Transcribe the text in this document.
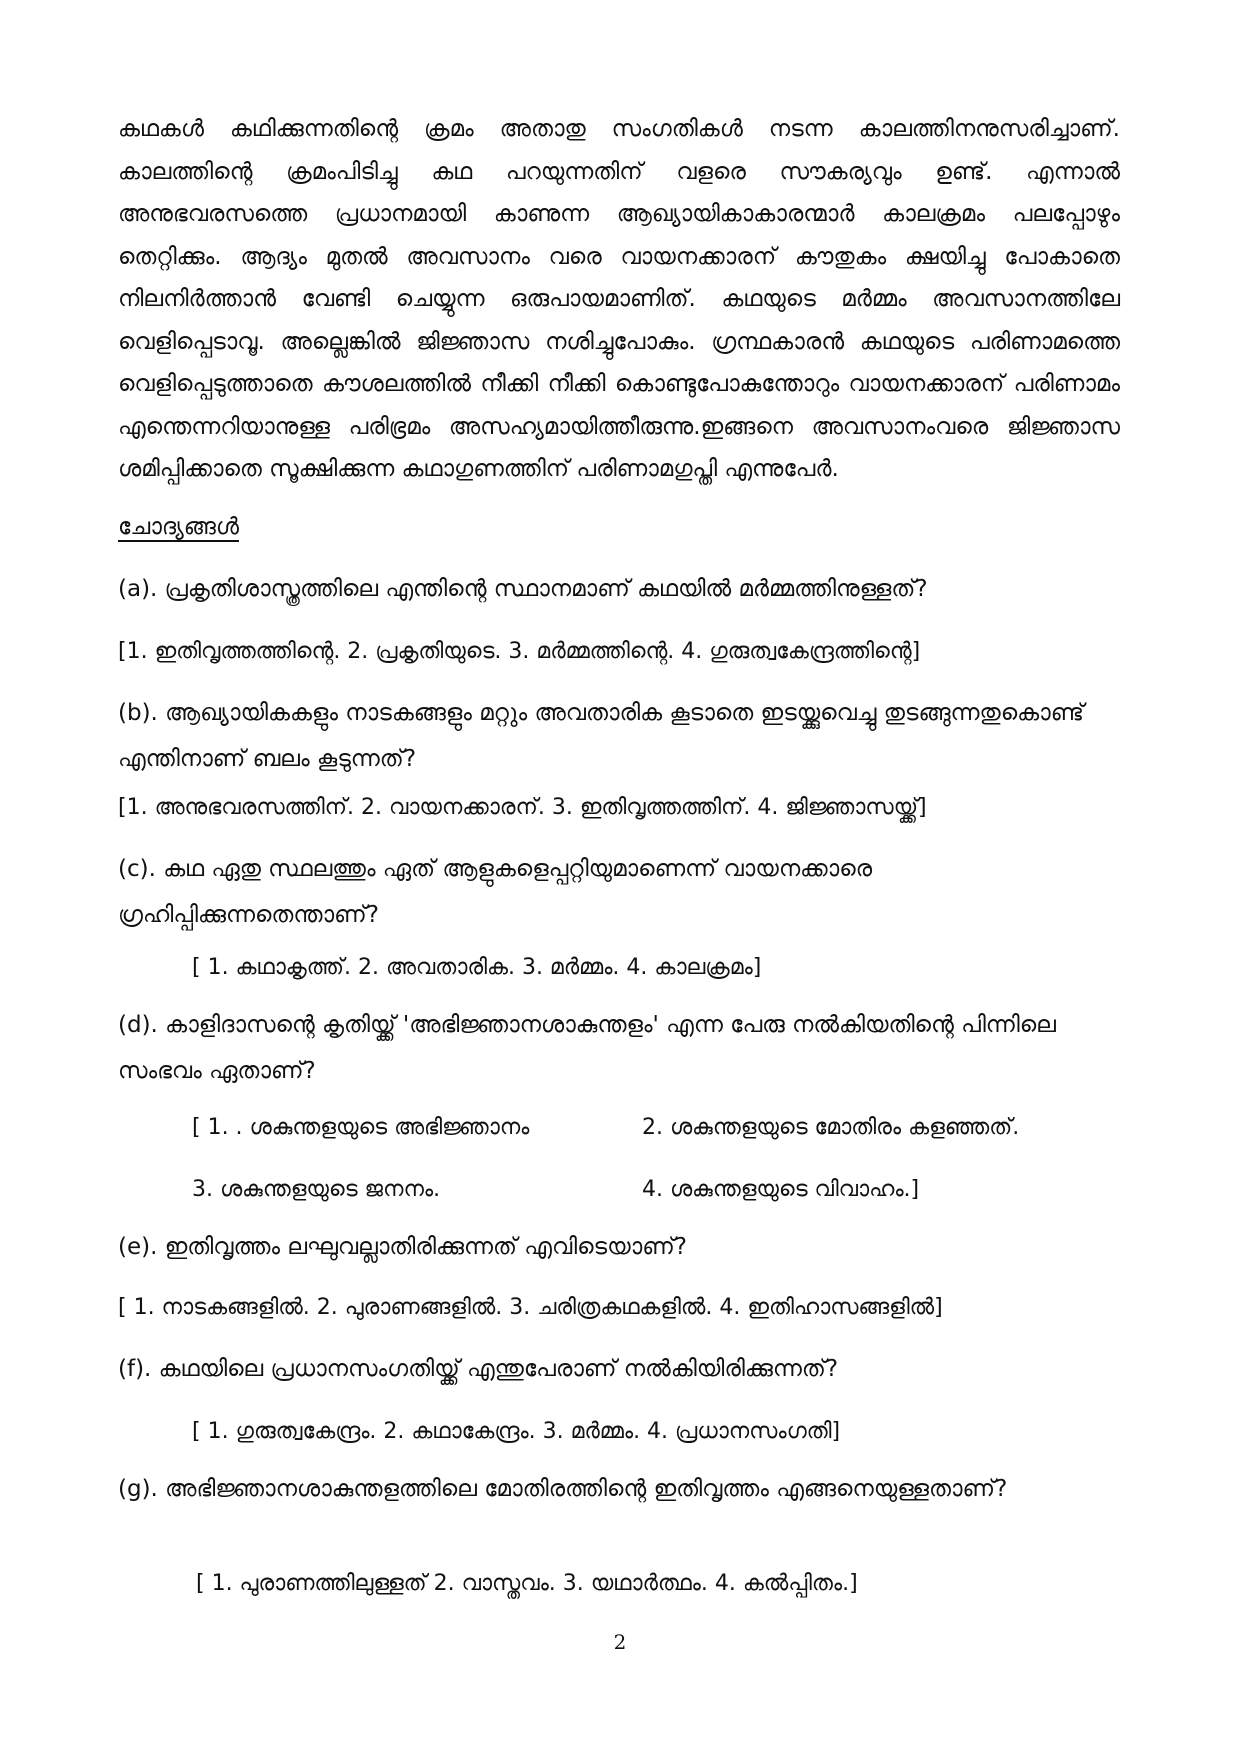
കഥകൾ കഥിക്കുന്നതിന്റെ ക്രമം അതാതു സംഗതികൾ നടന്ന കാലത്തിനനുസരിച്ചാണ്. കാലത്തിന്റെ ക്രമംപിടിച്ചു കഥ പറയുന്നതിന് വളരെ സൗകര്യവും ഉണ്ട്. എന്നാൽ അനുഭവരസത്തെ പ്രധാനമായി കാണുന്ന ആഖ്യായികാകാരന്മാർ കാലക്രമം പലപ്പോഴും തെറ്റിക്കും. ആദ്യം മുതൽ അവസാനം വരെ വായനക്കാരന് കൗതുകം ക്ഷയിച്ചു പോകാതെ നിലനിർത്താൻ വേണ്ടി ചെയ്യുന്ന ഒരുപായമാണിത്. കഥയുടെ മർമ്മം അവസാനത്തിലേ വെളിപ്പെടാവൂ. അല്ലെങ്കിൽ ജിജ്ഞാസ നശിച്ചുപോകും. ഗ്രന്ഥകാരൻ കഥയുടെ പരിണാമത്തെ വെളിപ്പെടുത്താതെ കൗശലത്തിൽ നീക്കി നീക്കി കൊണ്ടുപോകുന്തോറും വായനക്കാരന് പരിണാമം എന്തെന്നറിയാനുള്ള പരിഭ്രമം അസഹ്യമായിത്തീരുന്നു.ഇങ്ങനെ അവസാനംവരെ ജിജ്ഞാസ ശമിപ്പിക്കാതെ സൂക്ഷിക്കുന്ന കഥാഗുണത്തിന് പരിണാമഗുപ്തി എന്നുപേർ.

ചോദ്യങ്ങൾ

(a). പ്രകൃതിശാസ്ത്രത്തിലെ എന്തിന്റെ സ്ഥാനമാണ് കഥയിൽ മർമ്മത്തിനുള്ളത്?

[1. ഇതിവൃത്തത്തിന്റെ. 2. പ്രകൃതിയുടെ. 3. മർമ്മത്തിന്റെ. 4. ഗുരുത്വകേന്ദ്രത്തിന്റെ]

(b). ആഖ്യായികകളും നാടകങ്ങളും മറ്റും അവതാരിക കൂടാതെ ഇടയ്ക്കുവെച്ചു തുടങ്ങുന്നതുകൊണ്ട് എന്തിനാണ് ബലം കൂടുന്നത്?

[1. അനുഭവരസത്തിന്. 2. വായനക്കാരന്. 3. ഇതിവൃത്തത്തിന്. 4. ജിജ്ഞാസയ്ക്ക്]

(c). കഥ ഏതു സ്ഥലത്തും ഏത് ആളുകളെപ്പറ്റിയുമാണെന്ന് വായനക്കാരെ ഗ്രഹിപ്പിക്കുന്നതെന്താണ്?

[ 1. കഥാകൃത്ത്. 2. അവതാരിക. 3. മർമ്മം. 4. കാലക്രമം]

(d). കാളിദാസന്റെ കൃതിയ്ക്ക് 'അഭിജ്ഞാനശാകുന്തളം' എന്ന പേരു നൽകിയതിന്റെ പിന്നിലെ സംഭവം ഏതാണ്?

[ 1. . ശകുന്തളയുടെ അഭിജ്ഞാനം	2. ശകുന്തളയുടെ മോതിരം കളഞ്ഞത്.

3. ശകുന്തളയുടെ ജനനം.	4. ശകുന്തളയുടെ വിവാഹം.]

(e). ഇതിവൃത്തം ലഘുവല്ലാതിരിക്കുന്നത് എവിടെയാണ്?

[ 1. നാടകങ്ങളിൽ. 2. പുരാണങ്ങളിൽ. 3. ചരിത്രകഥകളിൽ. 4. ഇതിഹാസങ്ങളിൽ]

(f). കഥയിലെ പ്രധാനസംഗതിയ്ക്ക് എന്തുപേരാണ് നൽകിയിരിക്കുന്നത്?

[ 1. ഗുരുത്വകേന്ദ്രം. 2. കഥാകേന്ദ്രം. 3. മർമ്മം. 4. പ്രധാനസംഗതി]

(g). അഭിജ്ഞാനശാകുന്തളത്തിലെ മോതിരത്തിന്റെ ഇതിവൃത്തം എങ്ങനെയുള്ളതാണ്?

[ 1. പുരാണത്തിലുള്ളത് 2. വാസ്തവം. 3. യഥാർത്ഥം. 4. കൽപ്പിതം.]

2
